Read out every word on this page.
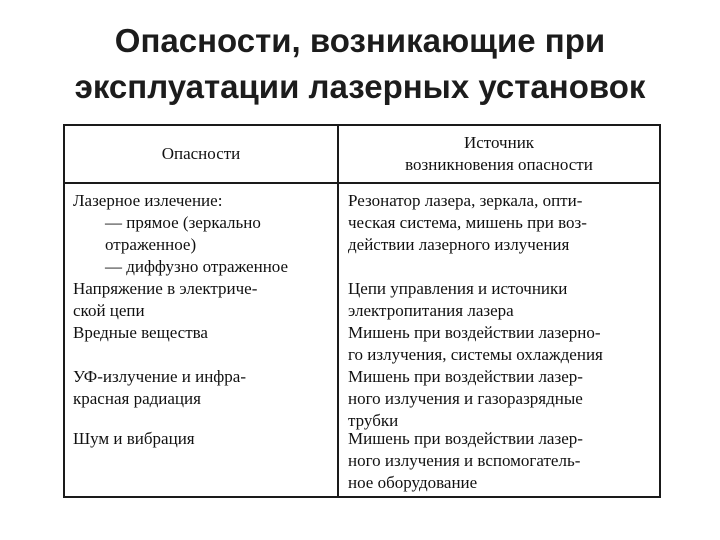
Опасности, возникающие при
эксплуатации лазерных установок
Опасности
Источник
возникновения опасности
Лазерное излечение:
— прямое (зеркально
отраженное)
— диффузно отраженное
Резонатор лазера, зеркала, опти-
ческая система, мишень при воз-
действии лазерного излучения
Напряжение в электриче-
ской цепи
Цепи управления и источники
электропитания лазера
Вредные вещества	Мишень при воздействии лазерно-
го излучения, системы охлаждения
УФ-излучение и инфра-
красная радиация
Мишень при воздействии лазер-
ного излучения и газоразрядные
трубки
Шум и вибрация	Мишень при воздействии лазер-
ного излучения и вспомогатель-
ное оборудование
